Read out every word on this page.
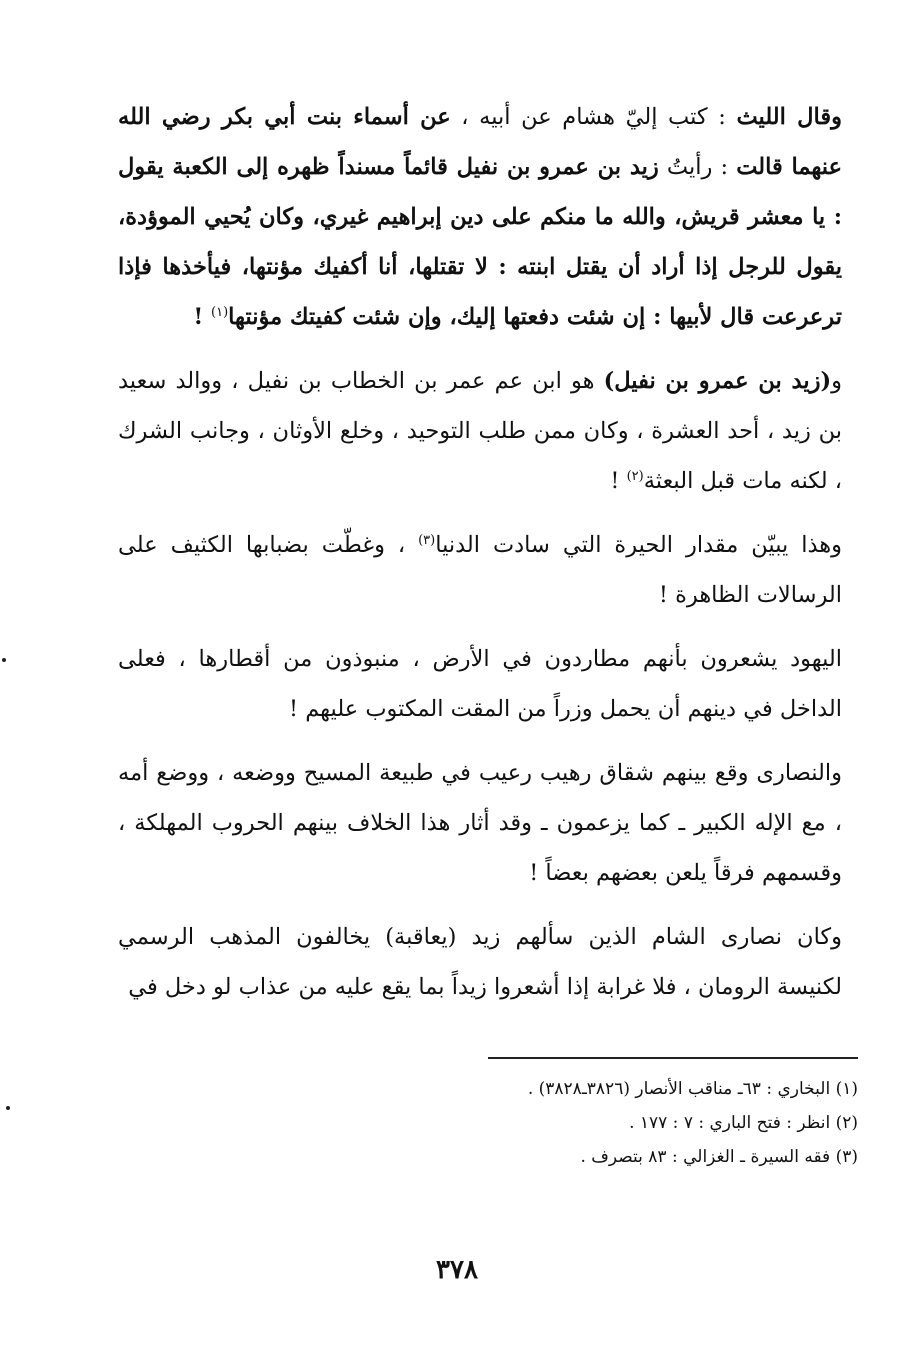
وقال الليث : كتب إليّ هشام عن أبيه ، عن أسماء بنت أبي بكر رضي الله عنهما قالت : رأيتُ زيد بن عمرو بن نفيل قائماً مسنداً ظهره إلى الكعبة يقول : يا معشر قريش، والله ما منكم على دين إبراهيم غيري، وكان يُحيي الموؤدة، يقول للرجل إذا أراد أن يقتل ابنته : لا تقتلها، أنا أكفيك مؤنتها، فيأخذها فإذا ترعرعت قال لأبيها : إن شئت دفعتها إليك، وإن شئت كفيتك مؤنتها$^{(١)}$ !

و(زيد بن عمرو بن نفيل) هو ابن عم عمر بن الخطاب بن نفيل ، ووالد سعيد بن زيد ، أحد العشرة ، وكان ممن طلب التوحيد ، وخلع الأوثان ، وجانب الشرك ، لكنه مات قبل البعثة$^{(٢)}$ !

وهذا يبيّن مقدار الحيرة التي سادت الدنيا$^{(٣)}$ ، وغطّت بضبابها الكثيف على الرسالات الظاهرة !

اليهود يشعرون بأنهم مطاردون في الأرض ، منبوذون من أقطارها ، فعلى الداخل في دينهم أن يحمل وزراً من المقت المكتوب عليهم !

والنصارى وقع بينهم شقاق رهيب رعيب في طبيعة المسيح ووضعه ، ووضع أمه ، مع الإله الكبير ـ كما يزعمون ـ وقد أثار هذا الخلاف بينهم الحروب المهلكة ، وقسمهم فرقاً يلعن بعضهم بعضاً !

وكان نصارى الشام الذين سألهم زيد (يعاقبة) يخالفون المذهب الرسمي لكنيسة الرومان ، فلا غرابة إذا أشعروا زيداً بما يقع عليه من عذاب لو دخل في

(١) البخاري : ٦٣ـ مناقب الأنصار (٣٨٢٦ـ٣٨٢٨) .

(٢) انظر : فتح الباري : ٧ : ١٧٧ .

(٣) فقه السيرة ـ الغزالي : ٨٣ بتصرف .

٣٧٨
